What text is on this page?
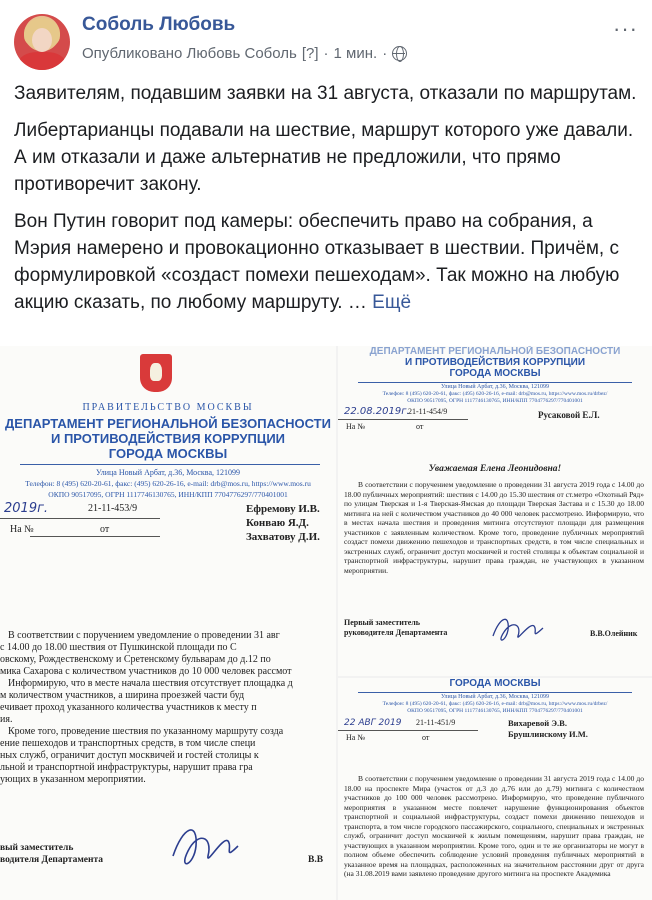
Соболь Любовь
Опубликовано Любовь Соболь [?] · 1 мин. ·
···

Заявителям, подавшим заявки на 31 августа, отказали по маршрутам.

Либертарианцы подавали на шествие, маршрут которого уже давали. А им отказали и даже альтернатив не предложили, что прямо противоречит закону.

Вон Путин говорит под камеры: обеспечить право на собрания, а Мэрия намерено и провокационно отказывает в шествии. Причём, с формулировкой «создаст помехи пешеходам». Так можно на любую акцию сказать, по любому маршруту. … Ещё

ПРАВИТЕЛЬСТВО МОСКВЫ
ДЕПАРТАМЕНТ РЕГИОНАЛЬНОЙ БЕЗОПАСНОСТИ
И ПРОТИВОДЕЙСТВИЯ КОРРУПЦИИ
ГОРОДА МОСКВЫ
Улица Новый Арбат, д.36, Москва, 121099
Телефон: 8 (495) 620-20-61, факс: (495) 620-26-16, e-mail: drb@mos.ru, https://www.mos.ru
ОКПО 90517095, ОГРН 1117746130765, ИНН/КПП 7704776297/770401001
2019г.	21-11-453/9
На №	от
Ефремову И.В.
Конваю Я.Д.
Захватову Д.И.
В соответствии с поручением уведомление о проведении 31 авг
с 14.00 до 18.00 шествия от Пушкинской площади по С
овскому, Рождественскому и Сретенскому бульварам до д.12 по
мика Сахарова с количеством участников до 10 000 человек рассмот
Информирую, что в месте начала шествия отсутствует площадка д
м количеством участников, а ширина проезжей части буд
ечивает проход указанного количества участников к месту п
ия.
Кроме того, проведение шествия по указанному маршруту созда
ение пешеходов и транспортных средств, в том числе специ
ных служб, ограничит доступ москвичей и гостей столицы к
льной и транспортной инфраструктуры, нарушит права гра
ующих в указанном мероприятии.
вый заместитель
водителя Департамента	В.В
ДЕПАРТАМЕНТ РЕГИОНАЛЬНОЙ БЕЗОПАСНОСТИ
И ПРОТИВОДЕЙСТВИЯ КОРРУПЦИИ
ГОРОДА МОСКВЫ
Улица Новый Арбат, д.36, Москва, 121099
Телефон: 8 (495) 620-20-61, факс: (495) 620-26-16, e-mail: drb@mos.ru, https://www.mos.ru/drbez/
ОКПО 90517095, ОГРН 1117746130765, ИНН/КПП 7704776297/770401001
22.08.2019г.
21-11-454/9
На №	от
Русаковой Е.Л.
Уважаемая Елена Леонидовна!
В соответствии с поручением уведомление о проведении 31 августа 2019 года с 14.00 до 18.00 публичных мероприятий: шествия с 14.00 до 15.30 шествия от ст.метро «Охотный Ряд» по улицам Тверская и 1-я Тверская-Ямская до площади Тверская Застава и с 15.30 до 18.00 митинга на ней с количеством участников до 40 000 человек рассмотрено. Информирую, что в местах начала шествия и проведения митинга отсутствуют площади для размещения участников с заявленным количеством. Кроме того, проведение публичных мероприятий создаст помехи движению пешеходов и транспортных средств, в том числе специальных и экстренных служб, ограничит доступ москвичей и гостей столицы к объектам социальной и транспортной инфраструктуры, нарушит права граждан, не участвующих в указанном мероприятии.
Первый заместитель
руководителя Департамента	В.В.Олейник
ГОРОДА МОСКВЫ
Улица Новый Арбат, д.36, Москва, 121099
Телефон: 8 (495) 620-20-61, факс: (495) 620-26-16, e-mail: drb@mos.ru, https://www.mos.ru/drbez/
ОКПО 90517095, ОГРН 1117746130765, ИНН/КПП 7704776297/770401001
22 АВГ 2019 21-11-451/9
На №	от
Вихаревой Э.В.
Брушлинскому И.М.
В соответствии с поручением уведомление о проведении 31 августа 2019 года с 14.00 до 18.00 на проспекте Мира (участок от д.3 до д.76 или до д.79) митинга с количеством участников до 100 000 человек рассмотрено. Информирую, что проведение публичного мероприятия в указанном месте повлечет нарушение функционирования объектов транспортной и социальной инфраструктуры, создаст помехи движению пешеходов и транспорта, в том числе городского пассажирского, социального, специальных и экстренных служб, ограничит доступ москвичей к жилым помещениям, нарушит права граждан, не участвующих в указанном мероприятии. Кроме того, один и те же организаторы не могут в полном объеме обеспечить соблюдение условий проведения публичных мероприятий в указанное время на площадках, расположенных на значительном расстоянии друг от друга (на 31.08.2019 вами заявлено проведение другого митинга на проспекте Академика
